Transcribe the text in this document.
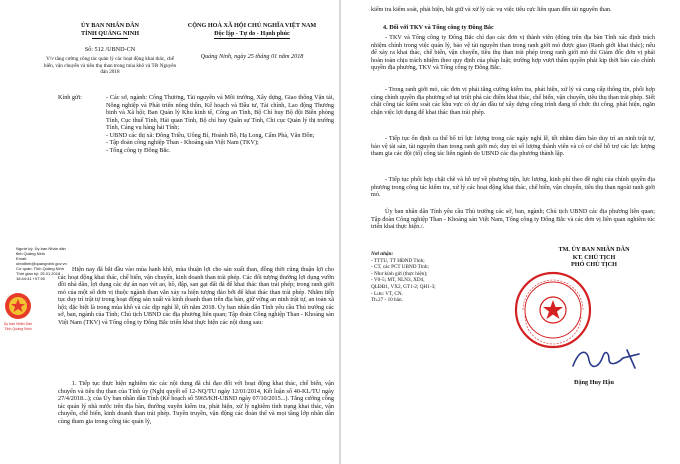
ỦY BAN NHÂN DÂN
TỈNH QUẢNG NINH
CỘNG HOÀ XÃ HỘI CHỦ NGHĨA VIỆT NAM
Độc lập - Tự do - Hạnh phúc
Số: 512 /UBND-CN
V/v tăng cường công tác quản lý các hoạt động khai thác, chế biến, vận chuyển và tiêu thụ than trong mùa khô và Tết Nguyên đán 2018
Quảng Ninh, ngày 25 tháng 01 năm 2018
Kính gửi:	- Các sở, ngành: Công Thương, Tài nguyên và Môi trường, Xây dựng, Giao thông Vận tải, Nông nghiệp và Phát triển nông thôn, Kế hoạch và Đầu tư, Tài chính, Lao động Thương binh và Xã hội; Ban Quản lý Khu kinh tế, Công an Tỉnh, Bộ Chỉ huy Bộ đội Biên phòng Tỉnh, Cục thuế Tỉnh, Hải quan Tỉnh, Bộ chỉ huy Quân sự Tỉnh, Chi cục Quản lý thị trường Tỉnh, Cảng vụ hàng hải Tỉnh;

- UBND các thị xã: Đông Triều, Uông Bí, Hoành Bồ, Hạ Long, Cẩm Phả, Vân Đồn;

- Tập đoàn công nghiệp Than - Khoáng sản Việt Nam (TKV);

- Tổng công ty Đông Bắc.

Người ký: Ủy ban Nhân dân tỉnh Quảng Ninh
Email: ubndtinh@quangninh.gov.vn
Cơ quan: Tỉnh Quảng Ninh
Thời gian ký: 25.01.2018 16:44:41 +07:00
Ủy ban Nhân Dân Tỉnh Quảng Ninh
Hiện nay đã bắt đầu vào mùa hanh khô, mùa thuận lợi cho sản xuất than, đồng thời cũng thuận lợi cho các hoạt động khai thác, chế biến, vận chuyển, kinh doanh than trái phép. Các đối tượng thường lợi dụng vườn đồi nhà dân, lợi dụng các dự án nạo vét ao, hồ, đập, san gạt đất đá để khai thác than trái phép; trong ranh giới mỏ của một số đơn vị thuộc ngành than vẫn xảy ra hiện tượng đào bới để khai thác than trái phép. Nhằm tiếp tục duy trì trật tự trong hoạt động sản xuất và kinh doanh than trên địa bàn, giữ vững an ninh trật tự, an toàn xã hội; đặc biệt là trong mùa khô và các dịp nghỉ lễ, tết năm 2018. Ủy ban nhân dân Tỉnh yêu cầu Thủ trưởng các sở, ban, ngành của Tỉnh; Chủ tịch UBND các địa phương liên quan; Tập đoàn Công nghiệp Than - Khoáng sản Việt Nam (TKV) và Tổng công ty Đông Bắc triển khai thực hiện các nội dung sau:
1. Tiếp tục thực hiện nghiêm túc các nội dung đã chỉ đạo đối với hoạt động khai thác, chế biến, vận chuyển và tiêu thụ than của Tỉnh ủy (Nghị quyết số 12-NQ/TU ngày 12/01/2014, Kết luận số 40-KL/TU ngày 27/4/2018...); của Ủy ban nhân dân Tỉnh (Kế hoạch số 5965/KH-UBND ngày 07/10/2015...). Tăng cường công tác quản lý nhà nước trên địa bàn, thường xuyên kiểm tra, phát hiện, xử lý nghiêm tình trạng khai thác, vận chuyển, chế biến, kinh doanh than trái phép. Tuyên truyền, vận động các đoàn thể và mọi tầng lớp nhân dân cùng tham gia trong công tác quản lý,
kiểm tra kiểm soát, phát hiện, bắt giữ và xử lý các vụ việc tiêu cực liên quan đến tài nguyên than.
4. Đối với TKV và Tổng công ty Đông Bắc
- TKV và Tổng công ty Đông Bắc chỉ đạo các đơn vị thành viên (đóng trên địa bàn Tỉnh xác định trách nhiệm chính trong việc quản lý, bảo vệ tài nguyên than trong ranh giới mỏ được giao (Ranh giới khai thác); nếu để xảy ra khai thác, chế biến, vận chuyển, tiêu thụ than trái phép trong ranh giới mỏ thì Giám đốc đơn vị phải hoàn toàn chịu trách nhiệm theo quy định của pháp luật; trường hợp vượt thẩm quyền phải kịp thời báo cáo chính quyền địa phương, TKV và Tổng công ty Đông Bắc.
- Trong ranh giới mỏ, các đơn vị phải tăng cường kiểm tra, phát hiện, xử lý và cung cấp thông tin, phối hợp cùng chính quyền địa phương sở tại triệt phá các điểm khai thác, chế biến, vận chuyển, tiêu thụ than trái phép. Siết chặt công tác kiểm soát các khu vực có dự án đầu tư xây dựng công trình đang tổ chức thi công, phát hiện, ngăn chặn việc lợi dụng để khai thác than trái phép.
- Tiếp tục ổn định ca thể bố trí lực lượng trong các ngày nghỉ lễ, tết nhằm đảm bảo duy trì an ninh trật tự, bảo vệ tài sản, tài nguyên than trong ranh giới mỏ; duy trì số lượng thành viên và có cơ chế hỗ trợ các lực lượng tham gia các đội (tổ) công tác liên ngành do UBND các địa phương thành lập.
- Tiếp tục phối hợp chặt chẽ và hỗ trợ về phương tiện, lực lượng, kinh phí theo đề nghị của chính quyền địa phương trong công tác kiểm tra, xử lý các hoạt động khai thác, chế biến, vận chuyển, tiêu thụ than ngoài ranh giới mỏ.
Ủy ban nhân dân Tỉnh yêu cầu Thủ trưởng các sở, ban, ngành; Chủ tịch UBND các địa phương liên quan; Tập đoàn Công nghiệp Than - Khoáng sản Việt Nam, Tổng công ty Đông Bắc và các đơn vị liên quan nghiêm túc triển khai thực hiện./.
Nơi nhận:
- TTTU, TT HĐND Tỉnh;
- CT, các PCT UBND Tỉnh;
- Như kính gửi (thực hiện);
- V0-5; MT, NLN3, XD4,
QLĐĐ1, VX2, GT1-2; QH1-3;
- Lưu: VT, CN.
Th.27 - 10 bản.
TM. ỦY BAN NHÂN DÂN
KT. CHỦ TỊCH
PHÓ CHỦ TỊCH
Đặng Huy Hậu
